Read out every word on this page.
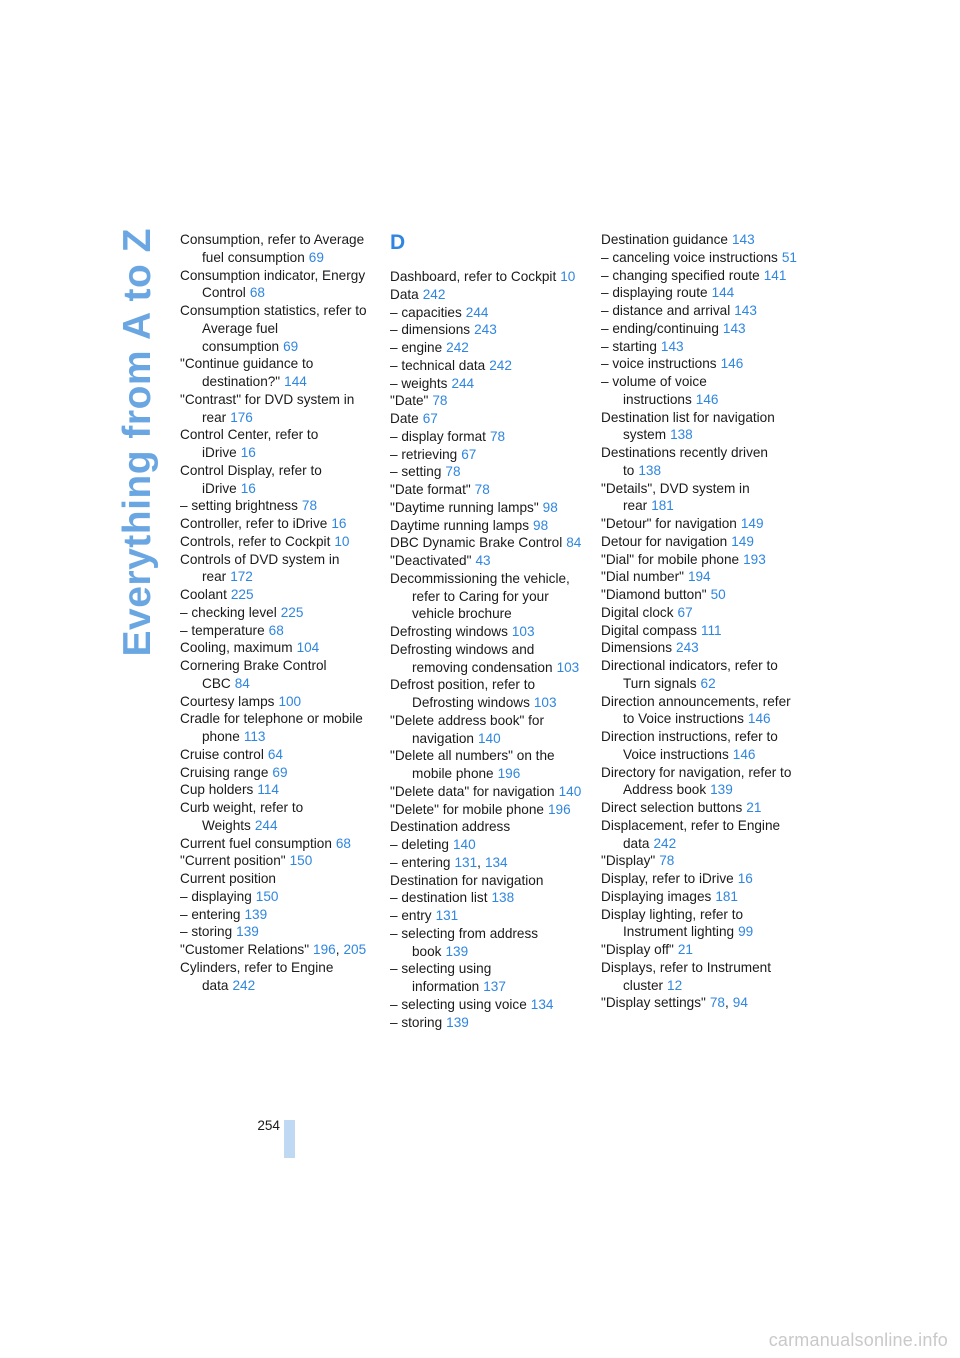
Everything from A to Z Consumption, refer to Average fuel consumption 69
Consumption indicator, Energy Control 68
Consumption statistics, refer to Average fuel consumption 69
"Continue guidance to destination?" 144
"Contrast" for DVD system in rear 176
Control Center, refer to iDrive 16
Control Display, refer to iDrive 16
– setting brightness 78
Controller, refer to iDrive 16
Controls, refer to Cockpit 10
Controls of DVD system in rear 172
Coolant 225
– checking level 225
– temperature 68
Cooling, maximum 104
Cornering Brake Control CBC 84
Courtesy lamps 100
Cradle for telephone or mobile phone 113
Cruise control 64
Cruising range 69
Cup holders 114
Curb weight, refer to Weights 244
Current fuel consumption 68
"Current position" 150
Current position
– displaying 150
– entering 139
– storing 139
"Customer Relations" 196, 205
Cylinders, refer to Engine data 242
D
Dashboard, refer to Cockpit 10
Data 242
– capacities 244
– dimensions 243
– engine 242
– technical data 242
– weights 244
"Date" 78
Date 67
– display format 78
– retrieving 67
– setting 78
"Date format" 78
"Daytime running lamps" 98
Daytime running lamps 98
DBC Dynamic Brake Control 84
"Deactivated" 43
Decommissioning the vehicle, refer to Caring for your vehicle brochure
Defrosting windows 103
Defrosting windows and removing condensation 103
Defrost position, refer to Defrosting windows 103
"Delete address book" for navigation 140
"Delete all numbers" on the mobile phone 196
"Delete data" for navigation 140
"Delete" for mobile phone 196
Destination address
– deleting 140
– entering 131, 134
Destination for navigation
– destination list 138
– entry 131
– selecting from address book 139
– selecting using information 137
– selecting using voice 134
– storing 139
Destination guidance 143
– canceling voice instructions 51
– changing specified route 141
– displaying route 144
– distance and arrival 143
– ending/continuing 143
– starting 143
– voice instructions 146
– volume of voice instructions 146
Destination list for navigation system 138
Destinations recently driven to 138
"Details", DVD system in rear 181
"Detour" for navigation 149
Detour for navigation 149
"Dial" for mobile phone 193
"Dial number" 194
"Diamond button" 50
Digital clock 67
Digital compass 111
Dimensions 243
Directional indicators, refer to Turn signals 62
Direction announcements, refer to Voice instructions 146
Direction instructions, refer to Voice instructions 146
Directory for navigation, refer to Address book 139
Direct selection buttons 21
Displacement, refer to Engine data 242
"Display" 78
Display, refer to iDrive 16
Displaying images 181
Display lighting, refer to Instrument lighting 99
"Display off" 21
Displays, refer to Instrument cluster 12
"Display settings" 78, 94
254
carmanualsonline.info
